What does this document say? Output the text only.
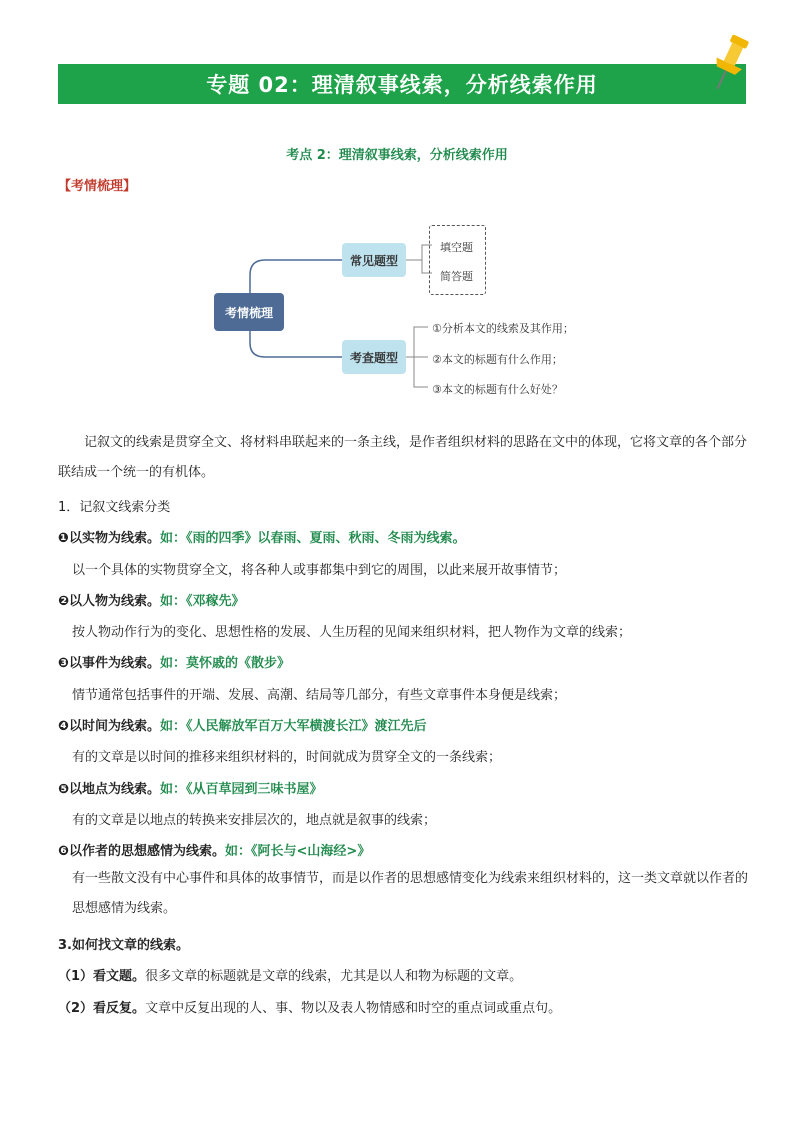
专题 02：理清叙事线索，分析线索作用
考点 2：理清叙事线索，分析线索作用
【考情梳理】
考情梳理
常见题型
考查题型
填空题
简答题
①分析本文的线索及其作用；
②本文的标题有什么作用；
③本文的标题有什么好处？
记叙文的线索是贯穿全文、将材料串联起来的一条主线，是作者组织材料的思路在文中的体现，它将文章的各个部分联结成一个统一的有机体。
1．记叙文线索分类
❶以实物为线索。如：《雨的四季》以春雨、夏雨、秋雨、冬雨为线索。
以一个具体的实物贯穿全文，将各种人或事都集中到它的周围，以此来展开故事情节；
❷以人物为线索。如：《邓稼先》
按人物动作行为的变化、思想性格的发展、人生历程的见闻来组织材料，把人物作为文章的线索；
❸以事件为线索。如：莫怀戚的《散步》
情节通常包括事件的开端、发展、高潮、结局等几部分，有些文章事件本身便是线索；
❹以时间为线索。如：《人民解放军百万大军横渡长江》渡江先后
有的文章是以时间的推移来组织材料的，时间就成为贯穿全文的一条线索；
❺以地点为线索。如：《从百草园到三味书屋》
有的文章是以地点的转换来安排层次的，地点就是叙事的线索；
❻以作者的思想感情为线索。如：《阿长与<山海经>》
有一些散文没有中心事件和具体的故事情节，而是以作者的思想感情变化为线索来组织材料的，这一类文章就以作者的思想感情为线索。
3.如何找文章的线索。
（1）看文题。很多文章的标题就是文章的线索，尤其是以人和物为标题的文章。
（2）看反复。文章中反复出现的人、事、物以及表人物情感和时空的重点词或重点句。
